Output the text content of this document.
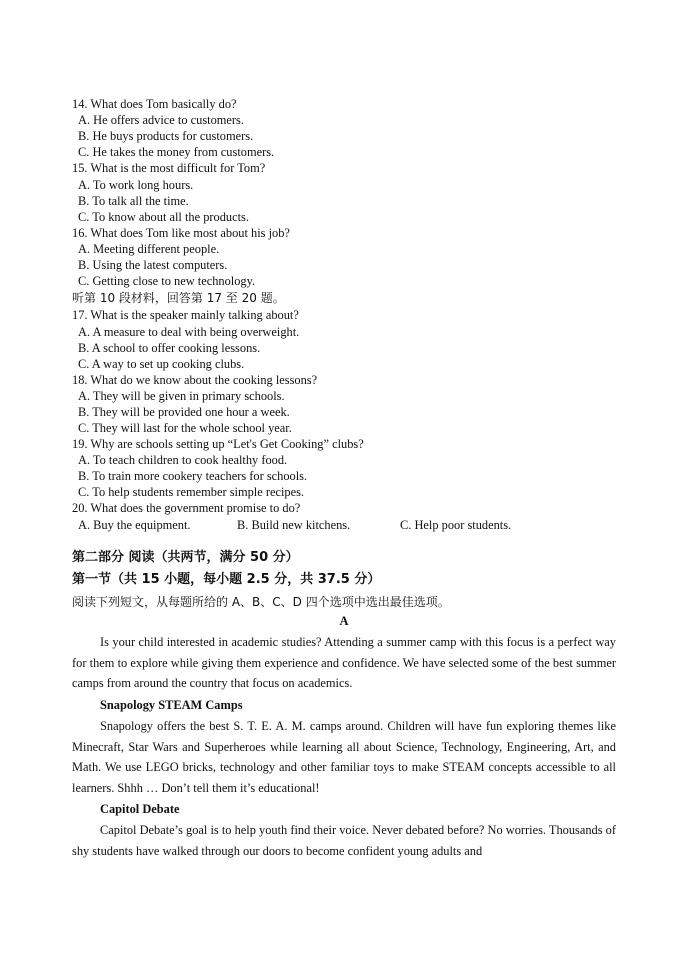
14. What does Tom basically do?
A. He offers advice to customers.
B. He buys products for customers.
C. He takes the money from customers.
15. What is the most difficult for Tom?
A. To work long hours.
B. To talk all the time.
C. To know about all the products.
16. What does Tom like most about his job?
A. Meeting different people.
B. Using the latest computers.
C. Getting close to new technology.
听第 10 段材料，回答第 17 至 20 题。
17. What is the speaker mainly talking about?
A. A measure to deal with being overweight.
B. A school to offer cooking lessons.
C. A way to set up cooking clubs.
18. What do we know about the cooking lessons?
A. They will be given in primary schools.
B. They will be provided one hour a week.
C. They will last for the whole school year.
19. Why are schools setting up “Let's Get Cooking” clubs?
A. To teach children to cook healthy food.
B. To train more cookery teachers for schools.
C. To help students remember simple recipes.
20. What does the government promise to do?
A. Buy the equipment.	B. Build new kitchens.	C. Help poor students.
第二部分 阅读（共两节，满分 50 分）
第一节（共 15 小题，每小题 2.5 分，共 37.5 分）
阅读下列短文，从每题所给的 A、B、C、D 四个选项中选出最佳选项。
A

Is your child interested in academic studies? Attending a summer camp with this focus is a perfect way for them to explore while giving them experience and confidence. We have selected some of the best summer camps from around the country that focus on academics.

Snapology STEAM Camps

Snapology offers the best S. T. E. A. M. camps around. Children will have fun exploring themes like Minecraft, Star Wars and Superheroes while learning all about Science, Technology, Engineering, Art, and Math. We use LEGO bricks, technology and other familiar toys to make STEAM concepts accessible to all learners. Shhh … Don’t tell them it’s educational!

Capitol Debate

Capitol Debate’s goal is to help youth find their voice. Never debated before? No worries. Thousands of shy students have walked through our doors to become confident young adults and
